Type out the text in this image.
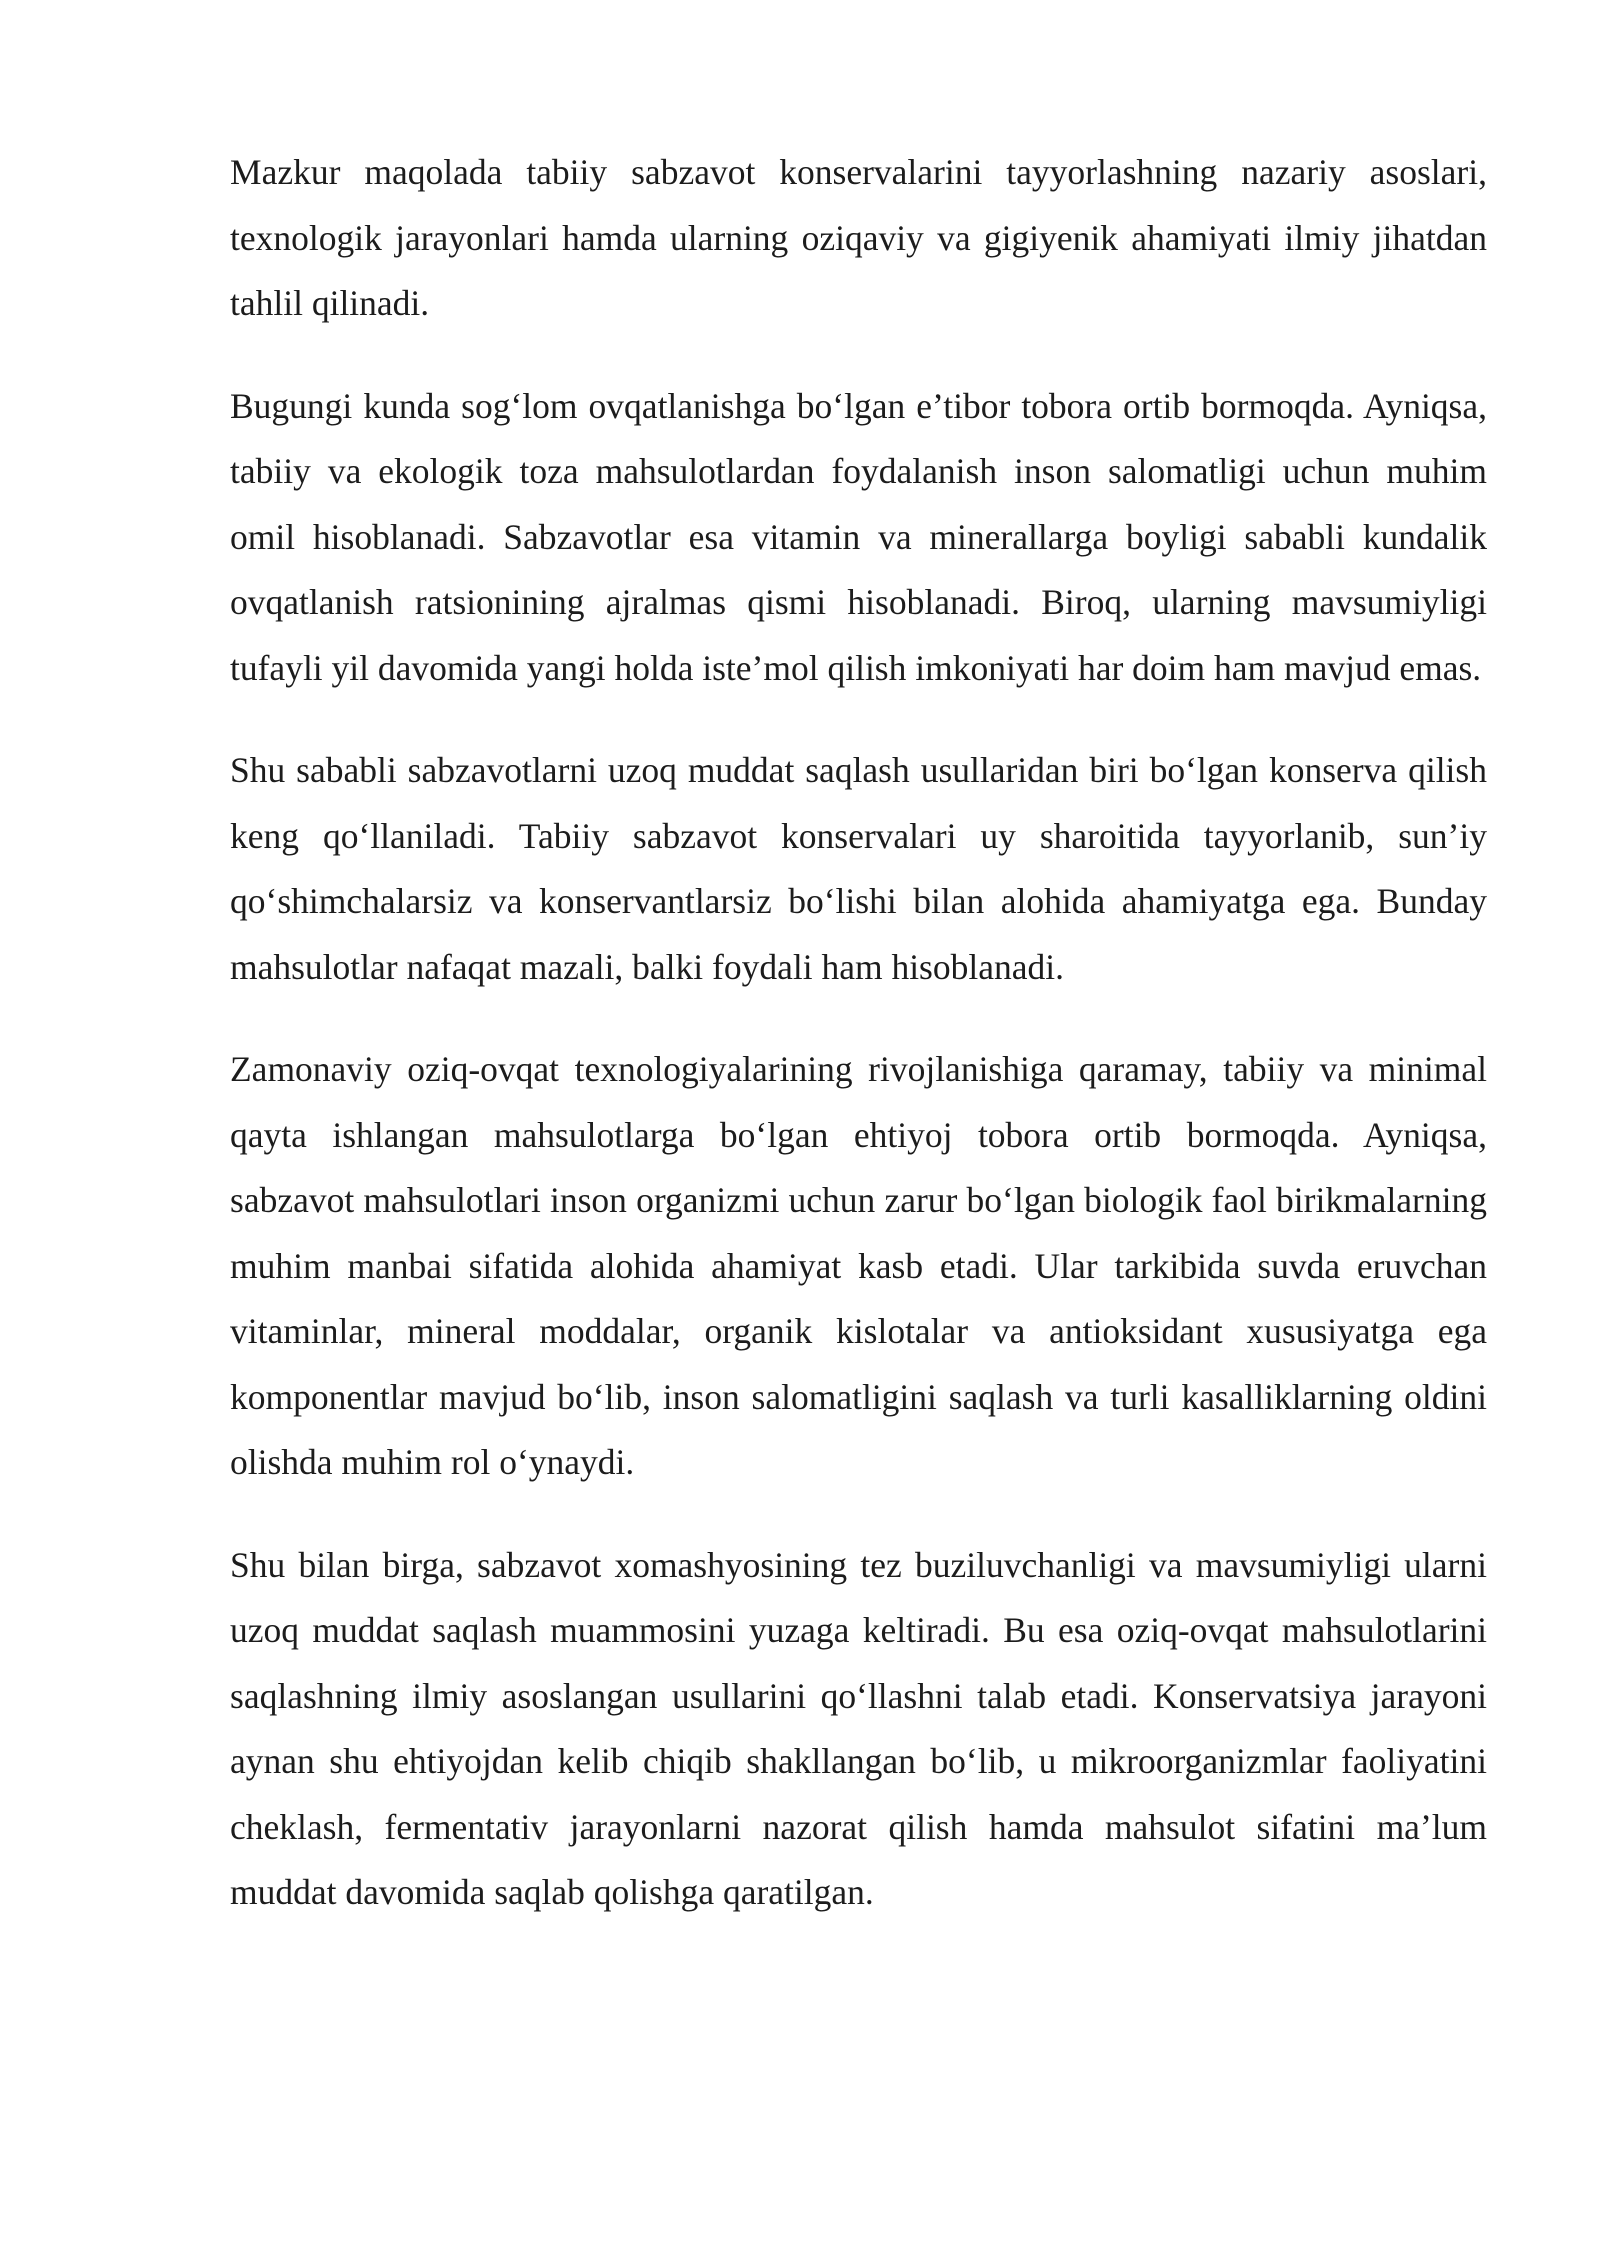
Mazkur maqolada tabiiy sabzavot konservalarini tayyorlashning nazariy asoslari, texnologik jarayonlari hamda ularning oziqaviy va gigiyenik ahamiyati ilmiy jihatdan tahlil qilinadi.

Bugungi kunda sog‘lom ovqatlanishga bo‘lgan e’tibor tobora ortib bormoqda. Ayniqsa, tabiiy va ekologik toza mahsulotlardan foydalanish inson salomatligi uchun muhim omil hisoblanadi. Sabzavotlar esa vitamin va minerallarga boyligi sababli kundalik ovqatlanish ratsionining ajralmas qismi hisoblanadi. Biroq, ularning mavsumiyligi tufayli yil davomida yangi holda iste’mol qilish imkoniyati har doim ham mavjud emas.

Shu sababli sabzavotlarni uzoq muddat saqlash usullaridan biri bo‘lgan konserva qilish keng qo‘llaniladi. Tabiiy sabzavot konservalari uy sharoitida tayyorlanib, sun’iy qo‘shimchalarsiz va konservantlarsiz bo‘lishi bilan alohida ahamiyatga ega. Bunday mahsulotlar nafaqat mazali, balki foydali ham hisoblanadi.

Zamonaviy oziq-ovqat texnologiyalarining rivojlanishiga qaramay, tabiiy va minimal qayta ishlangan mahsulotlarga bo‘lgan ehtiyoj tobora ortib bormoqda. Ayniqsa, sabzavot mahsulotlari inson organizmi uchun zarur bo‘lgan biologik faol birikmalarning muhim manbai sifatida alohida ahamiyat kasb etadi. Ular tarkibida suvda eruvchan vitaminlar, mineral moddalar, organik kislotalar va antioksidant xususiyatga ega komponentlar mavjud bo‘lib, inson salomatligini saqlash va turli kasalliklarning oldini olishda muhim rol o‘ynaydi.

Shu bilan birga, sabzavot xomashyosining tez buziluvchanligi va mavsumiyligi ularni uzoq muddat saqlash muammosini yuzaga keltiradi. Bu esa oziq-ovqat mahsulotlarini saqlashning ilmiy asoslangan usullarini qo‘llashni talab etadi. Konservatsiya jarayoni aynan shu ehtiyojdan kelib chiqib shakllangan bo‘lib, u mikroorganizmlar faoliyatini cheklash, fermentativ jarayonlarni nazorat qilish hamda mahsulot sifatini ma’lum muddat davomida saqlab qolishga qaratilgan.
